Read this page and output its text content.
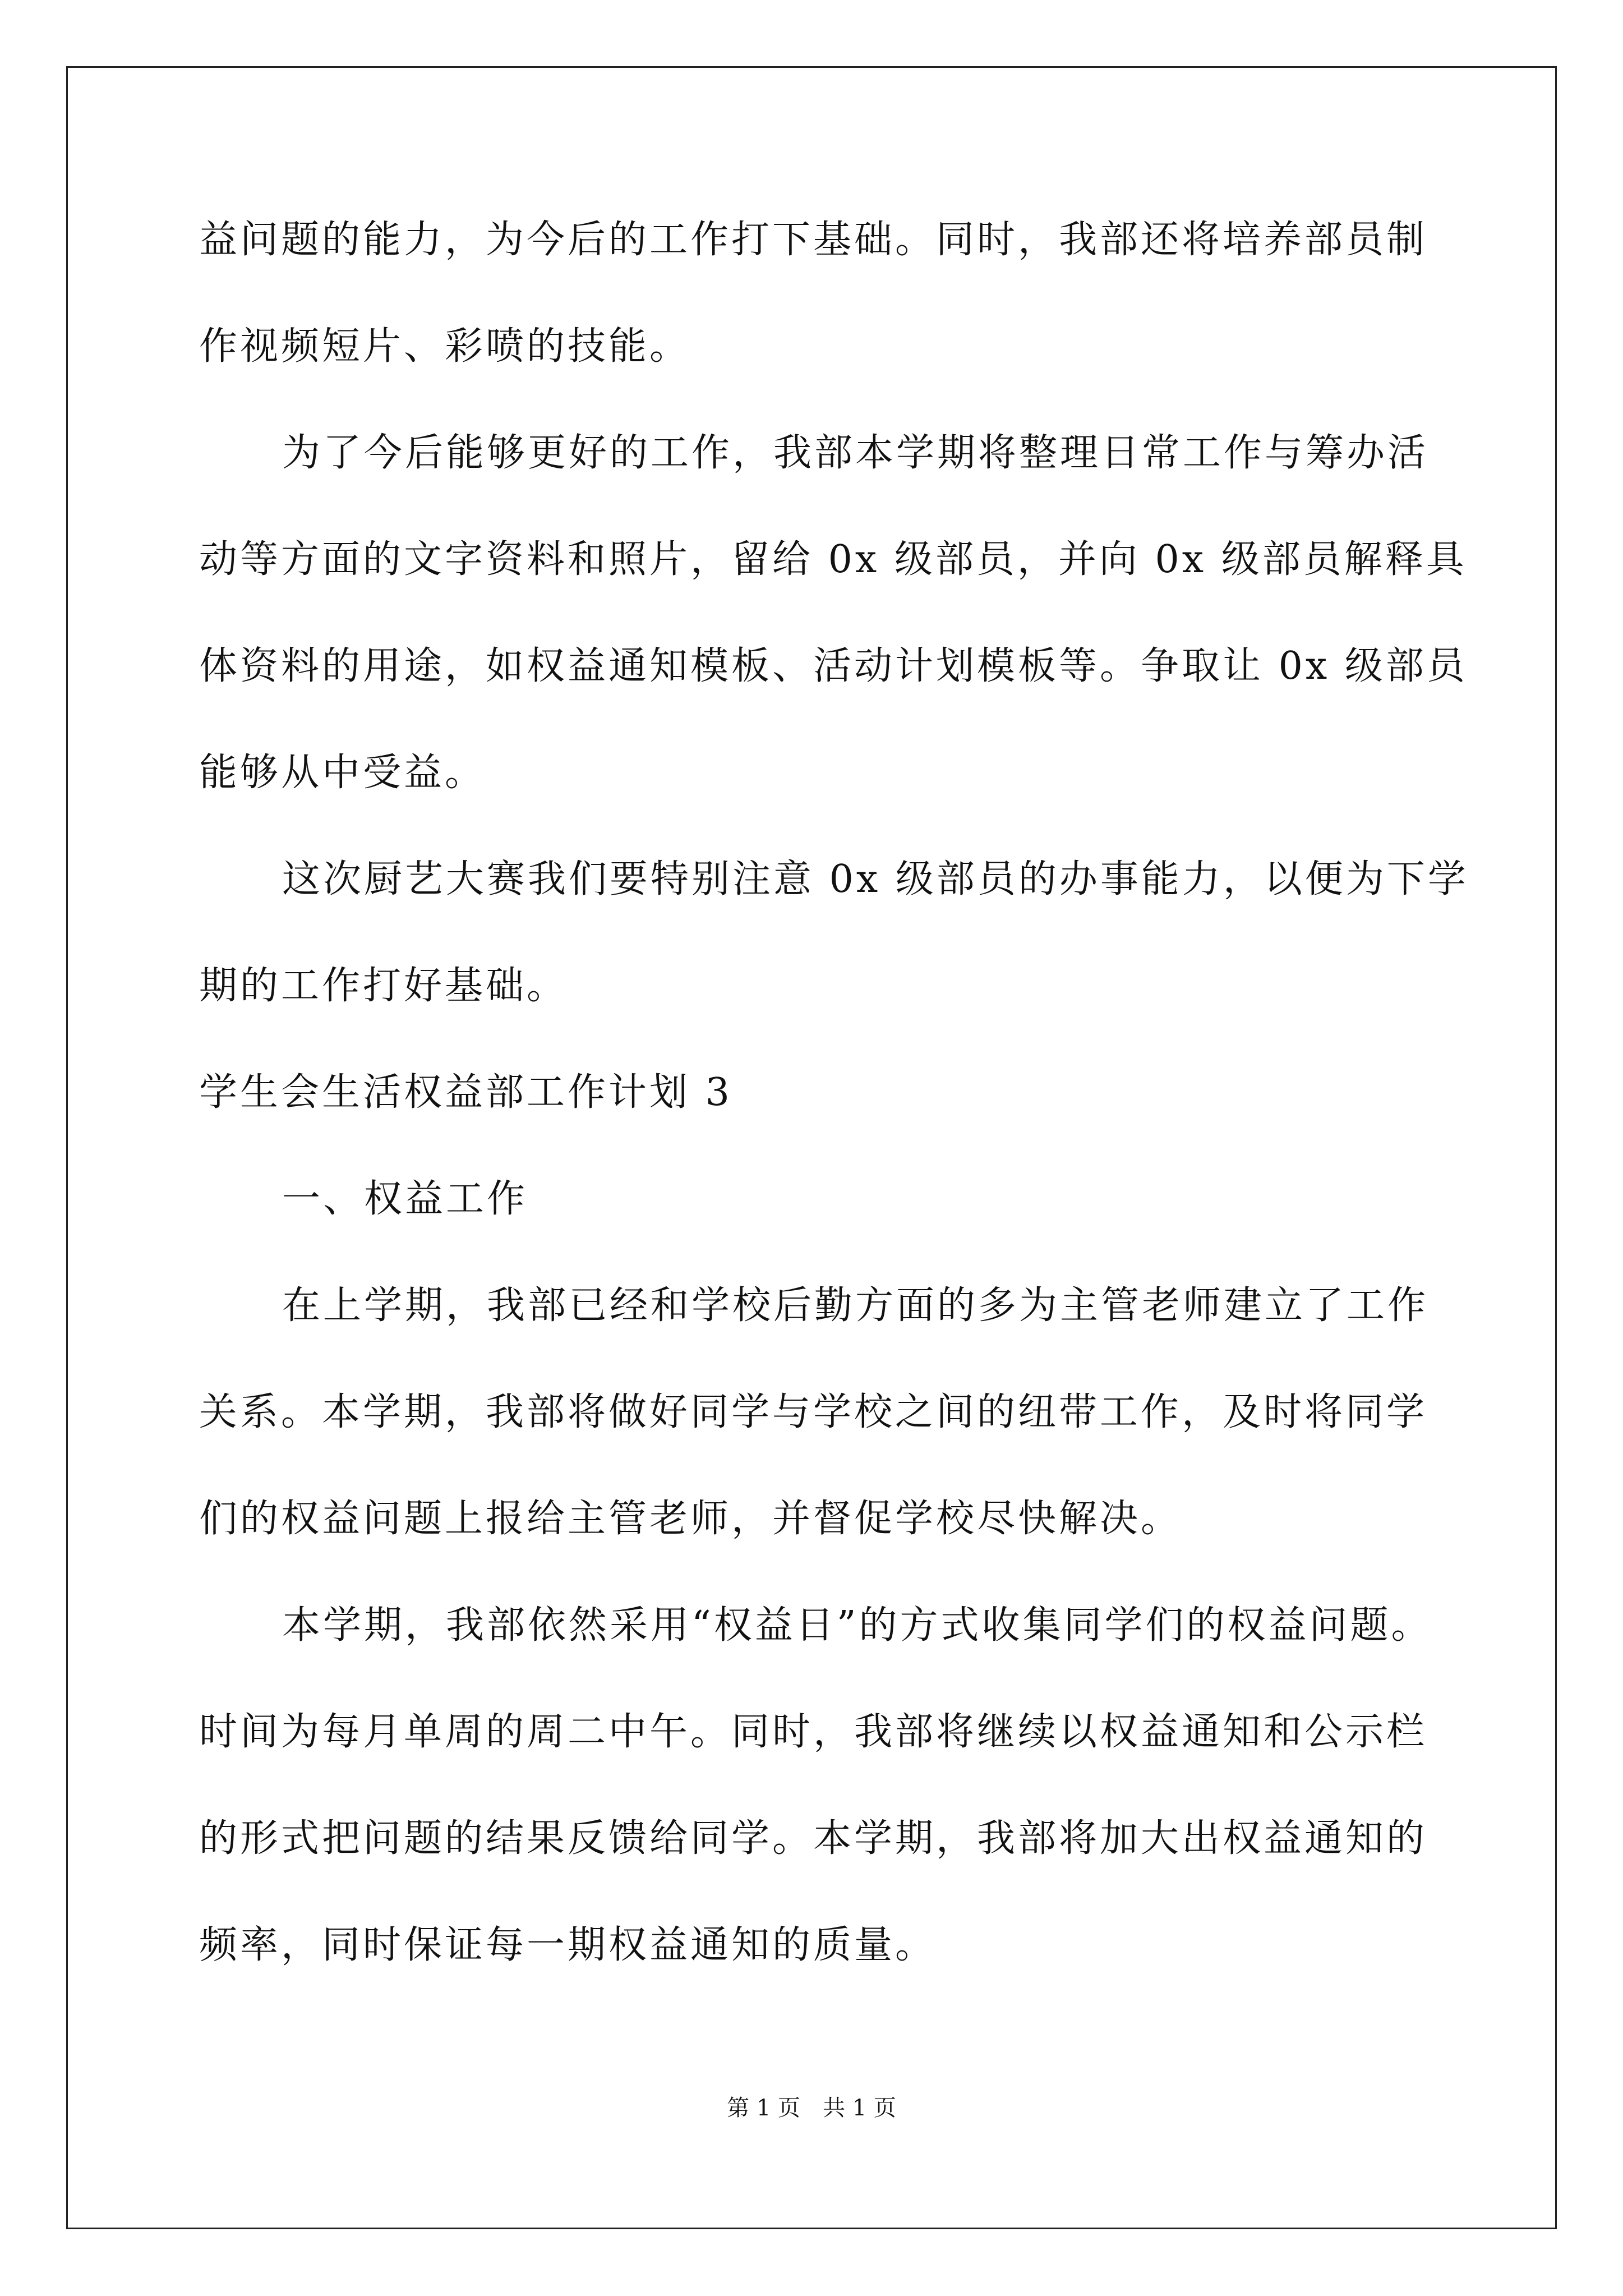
益问题的能力，为今后的工作打下基础。同时，我部还将培养部员制
作视频短片、彩喷的技能。
为了今后能够更好的工作，我部本学期将整理日常工作与筹办活
动等方面的文字资料和照片，留给 0x 级部员，并向 0x 级部员解释具
体资料的用途，如权益通知模板、活动计划模板等。争取让 0x 级部员
能够从中受益。
这次厨艺大赛我们要特别注意 0x 级部员的办事能力，以便为下学
期的工作打好基础。
学生会生活权益部工作计划 3
一、权益工作
在上学期，我部已经和学校后勤方面的多为主管老师建立了工作
关系。本学期，我部将做好同学与学校之间的纽带工作，及时将同学
们的权益问题上报给主管老师，并督促学校尽快解决。
本学期，我部依然采用“权益日”的方式收集同学们的权益问题。
时间为每月单周的周二中午。同时，我部将继续以权益通知和公示栏
的形式把问题的结果反馈给同学。本学期，我部将加大出权益通知的
频率，同时保证每一期权益通知的质量。
第 1 页　共 1 页
